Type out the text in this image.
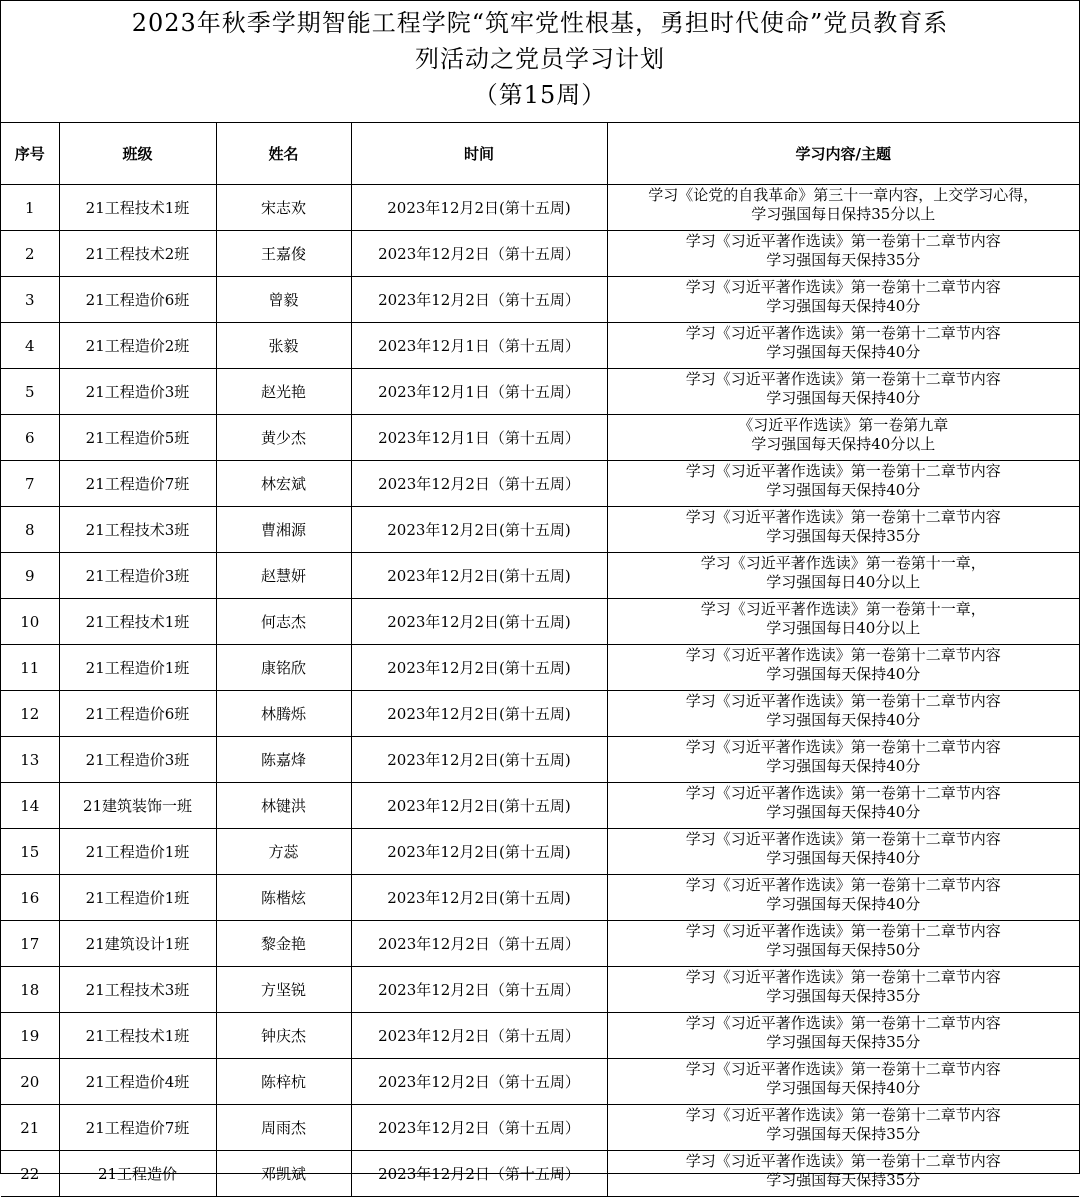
2023年秋季学期智能工程学院“筑牢党性根基，勇担时代使命”党员教育系
列活动之党员学习计划
（第15周）
序号	班级	姓名	时间	学习内容/主题
1	21工程技术1班	宋志欢	2023年12月2日(第十五周)	学习《论党的自我革命》第三十一章内容，上交学习心得，
学习强国每日保持35分以上

2	21工程技术2班	王嘉俊	2023年12月2日（第十五周）	学习《习近平著作选读》第一卷第十二章节内容
学习强国每天保持35分

3	21工程造价6班	曾毅	2023年12月2日（第十五周）	学习《习近平著作选读》第一卷第十二章节内容
学习强国每天保持40分

4	21工程造价2班	张毅	2023年12月1日（第十五周）	学习《习近平著作选读》第一卷第十二章节内容
学习强国每天保持40分

5	21工程造价3班	赵光艳	2023年12月1日（第十五周）	学习《习近平著作选读》第一卷第十二章节内容
学习强国每天保持40分

6	21工程造价5班	黄少杰	2023年12月1日（第十五周）	《习近平作选读》第一卷第九章
学习强国每天保持40分以上

7	21工程造价7班	林宏斌	2023年12月2日（第十五周）	学习《习近平著作选读》第一卷第十二章节内容
学习强国每天保持40分

8	21工程技术3班	曹湘源	2023年12月2日(第十五周)	学习《习近平著作选读》第一卷第十二章节内容
学习强国每天保持35分

9	21工程造价3班	赵慧妍	2023年12月2日(第十五周)	学习《习近平著作选读》第一卷第十一章，
学习强国每日40分以上

10	21工程技术1班	何志杰	2023年12月2日(第十五周)	学习《习近平著作选读》第一卷第十一章，
学习强国每日40分以上

11	21工程造价1班	康铭欣	2023年12月2日(第十五周)	学习《习近平著作选读》第一卷第十二章节内容
学习强国每天保持40分

12	21工程造价6班	林腾烁	2023年12月2日(第十五周)	学习《习近平著作选读》第一卷第十二章节内容
学习强国每天保持40分

13	21工程造价3班	陈嘉烽	2023年12月2日(第十五周)	学习《习近平著作选读》第一卷第十二章节内容
学习强国每天保持40分

14	21建筑装饰一班	林键洪	2023年12月2日(第十五周)	学习《习近平著作选读》第一卷第十二章节内容
学习强国每天保持40分

15	21工程造价1班	方蕊	2023年12月2日(第十五周)	学习《习近平著作选读》第一卷第十二章节内容
学习强国每天保持40分

16	21工程造价1班	陈楷炫	2023年12月2日(第十五周)	学习《习近平著作选读》第一卷第十二章节内容
学习强国每天保持40分

17	21建筑设计1班	黎金艳	2023年12月2日（第十五周）	学习《习近平著作选读》第一卷第十二章节内容
学习强国每天保持50分

18	21工程技术3班	方坚锐	2023年12月2日（第十五周）	学习《习近平著作选读》第一卷第十二章节内容
学习强国每天保持35分

19	21工程技术1班	钟庆杰	2023年12月2日（第十五周）	学习《习近平著作选读》第一卷第十二章节内容
学习强国每天保持35分

20	21工程造价4班	陈梓杭	2023年12月2日（第十五周）	学习《习近平著作选读》第一卷第十二章节内容
学习强国每天保持40分

21	21工程造价7班	周雨杰	2023年12月2日（第十五周）	学习《习近平著作选读》第一卷第十二章节内容
学习强国每天保持35分

22	21工程造价	邓凯斌	2023年12月2日（第十五周）	学习《习近平著作选读》第一卷第十二章节内容
学习强国每天保持35分
